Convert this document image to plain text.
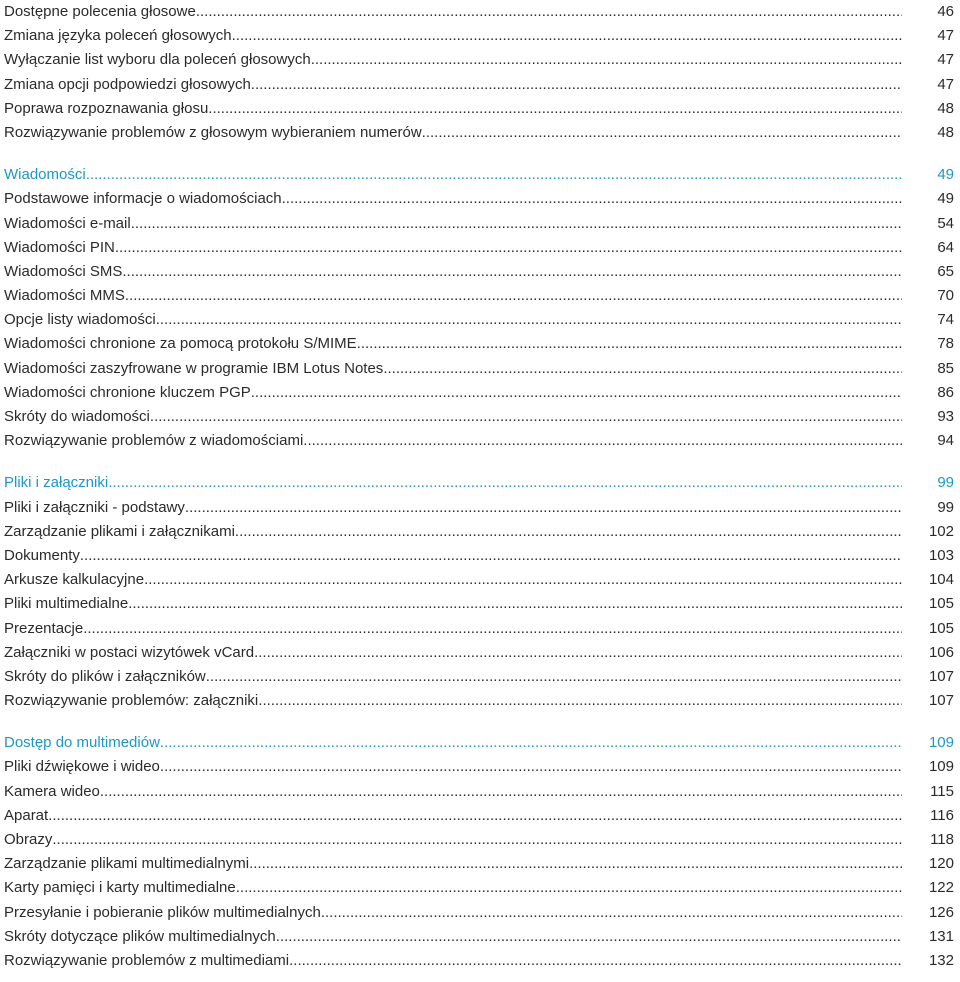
Dostępne polecenia głosowe .....	46
Zmiana języka poleceń głosowych .....	47
Wyłączanie list wyboru dla poleceń głosowych .....	47
Zmiana opcji podpowiedzi głosowych .....	47
Poprawa rozpoznawania głosu .....	48
Rozwiązywanie problemów z głosowym wybieraniem numerów .....	48
Wiadomości .....	49
Podstawowe informacje o wiadomościach .....	49
Wiadomości e-mail .....	54
Wiadomości PIN .....	64
Wiadomości SMS .....	65
Wiadomości MMS .....	70
Opcje listy wiadomości .....	74
Wiadomości chronione za pomocą protokołu S/MIME .....	78
Wiadomości zaszyfrowane w programie IBM Lotus Notes .....	85
Wiadomości chronione kluczem PGP .....	86
Skróty do wiadomości .....	93
Rozwiązywanie problemów z wiadomościami .....	94
Pliki i załączniki .....	99
Pliki i załączniki - podstawy .....	99
Zarządzanie plikami i załącznikami .....	102
Dokumenty .....	103
Arkusze kalkulacyjne .....	104
Pliki multimedialne .....	105
Prezentacje .....	105
Załączniki w postaci wizytówek vCard .....	106
Skróty do plików i załączników .....	107
Rozwiązywanie problemów: załączniki .....	107
Dostęp do multimediów .....	109
Pliki dźwiękowe i wideo .....	109
Kamera wideo .....	115
Aparat .....	116
Obrazy .....	118
Zarządzanie plikami multimedialnymi .....	120
Karty pamięci i karty multimedialne .....	122
Przesyłanie i pobieranie plików multimedialnych .....	126
Skróty dotyczące plików multimedialnych .....	131
Rozwiązywanie problemów z multimediami .....	132
